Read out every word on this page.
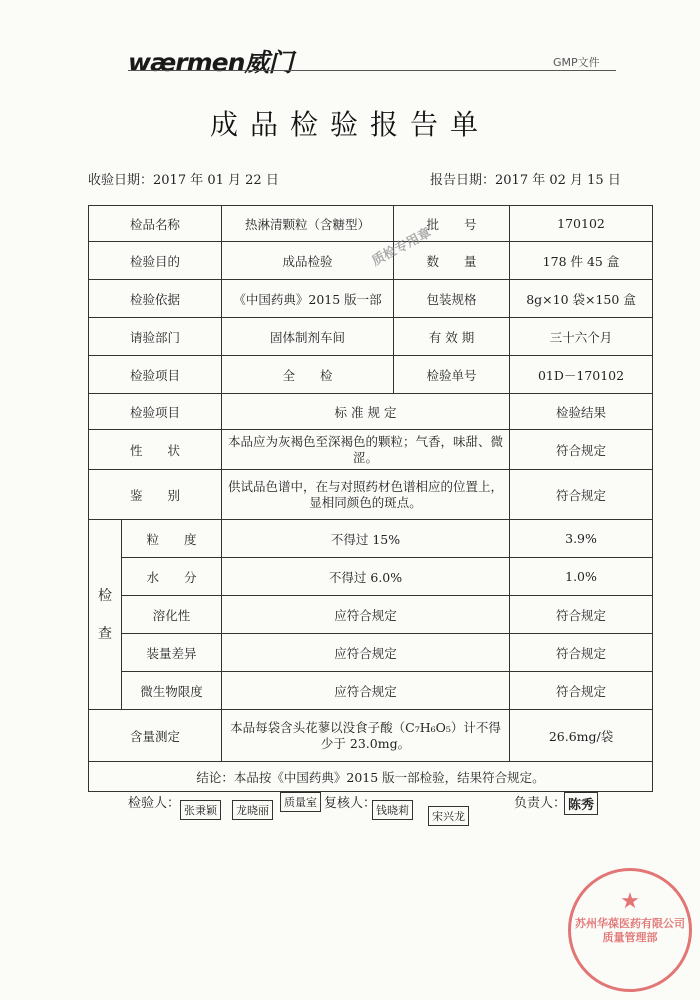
wærmen威门	GMP文件
成品检验报告单
收验日期：2017 年 01 月 22 日	报告日期：2017 年 02 月 15 日
检品名称		热淋清颗粒（含糖型）	批　　号	170102
检验目的		成品检验	数　　量	178 件 45 盒
检验依据		《中国药典》2015 版一部	包装规格	8g×10 袋×150 盒
请验部门		固体制剂车间	有 效 期	三十六个月
检验项目		全　　检	检验单号	01D－170102
检验项目		标 准 规 定		检验结果
性　　状		本品应为灰褐色至深褐色的颗粒；气香，味甜、微涩。		符合规定
鉴　　别		供试品色谱中，在与对照药材色谱相应的位置上，显相同颜色的斑点。		符合规定

检
查	粒　　度	不得过 15%		3.9%
	水　　分	不得过 6.0%		1.0%
	溶化性	应符合规定		符合规定
	装量差异	应符合规定		符合规定
	微生物限度	应符合规定		符合规定
含量测定		本品每袋含头花蓼以没食子酸（C₇H₆O₅）计不得少于 23.0mg。		26.6mg/袋
结论：本品按《中国药典》2015 版一部检验，结果符合规定。				
检验人： 张秉颖	龙晓丽
质量室 复核人： 钱晓莉	宋兴龙
负责人： 陈秀
质检专用章
★
苏州华葆医药有限公司 质量管理部
